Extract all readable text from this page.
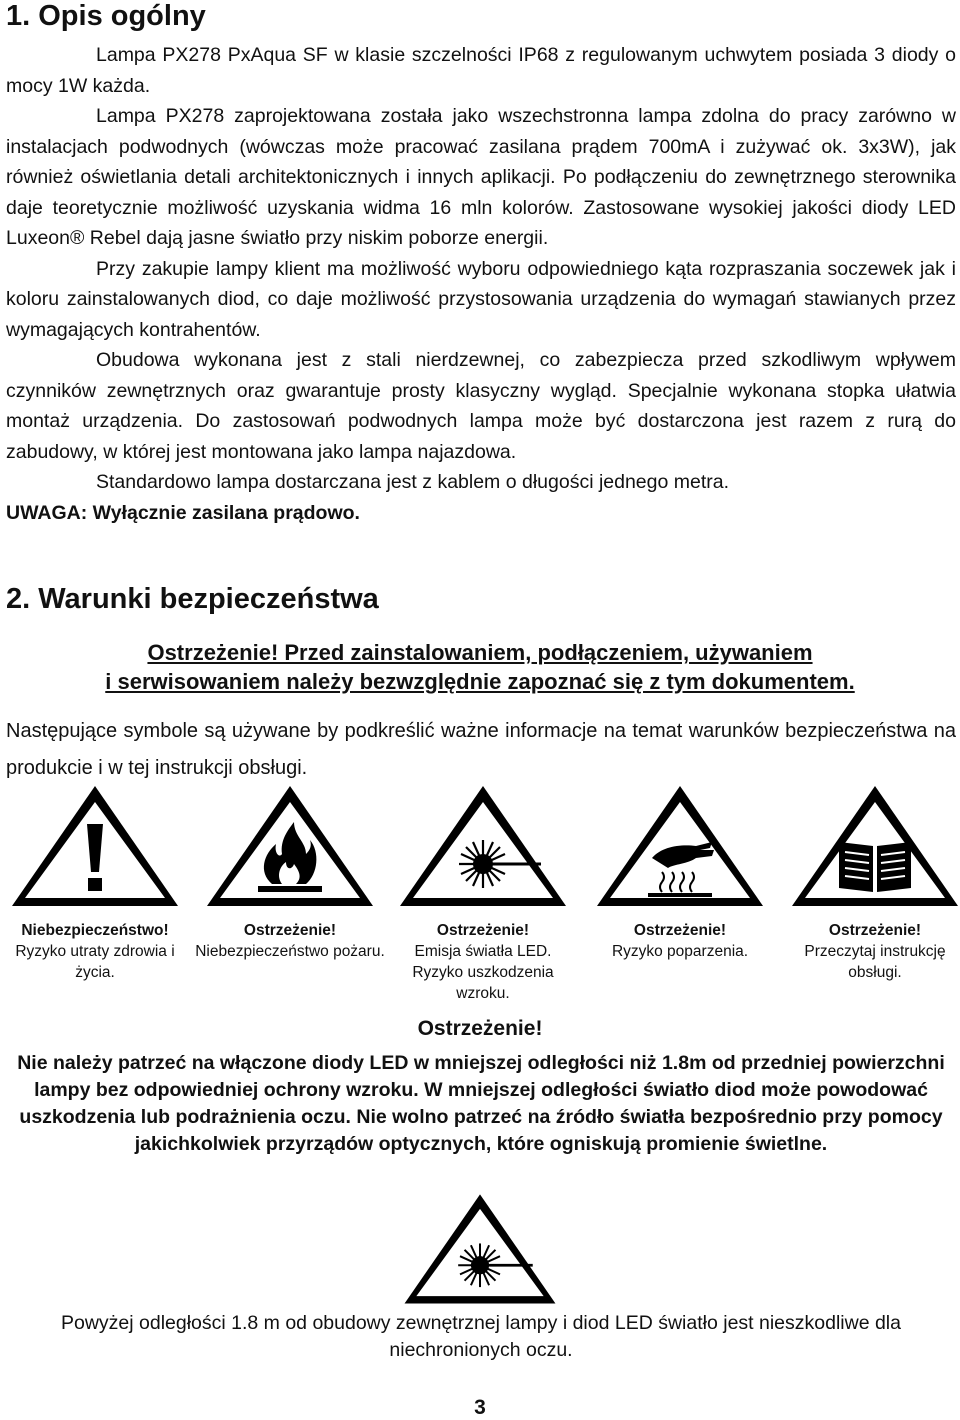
1. Opis ogólny

Lampa PX278 PxAqua SF w klasie szczelności IP68 z regulowanym uchwytem posiada 3 diody o mocy 1W każda.

Lampa PX278 zaprojektowana została jako wszechstronna lampa zdolna do pracy zarówno w instalacjach podwodnych (wówczas może pracować zasilana prądem 700mA i zużywać ok. 3x3W), jak również oświetlania detali architektonicznych i innych aplikacji. Po podłączeniu do zewnętrznego sterownika daje teoretycznie możliwość uzyskania widma 16 mln kolorów. Zastosowane wysokiej jakości diody LED Luxeon® Rebel dają jasne światło przy niskim poborze energii.

Przy zakupie lampy klient ma możliwość wyboru odpowiedniego kąta rozpraszania soczewek jak i koloru zainstalowanych diod, co daje możliwość przystosowania urządzenia do wymagań stawianych przez wymagających kontrahentów.

Obudowa wykonana jest z stali nierdzewnej, co zabezpiecza przed szkodliwym wpływem czynników zewnętrznych oraz gwarantuje prosty klasyczny wygląd. Specjalnie wykonana stopka ułatwia montaż urządzenia. Do zastosowań podwodnych lampa może być dostarczona jest razem z rurą do zabudowy, w której jest montowana jako lampa najazdowa.

Standardowo lampa dostarczana jest z kablem o długości jednego metra.

UWAGA: Wyłącznie zasilana prądowo.

2. Warunki bezpieczeństwa
Ostrzeżenie! Przed zainstalowaniem, podłączeniem, używaniem
i serwisowaniem należy bezwzględnie zapoznać się z tym dokumentem.
Następujące symbole są używane by podkreślić ważne informacje na temat warunków bezpieczeństwa na produkcie i w tej instrukcji obsługi.
Niebezpieczeństwo!
Ryzyko utraty zdrowia i życia.
Ostrzeżenie!
Niebezpieczeństwo pożaru.
Ostrzeżenie!
Emisja światła LED. Ryzyko uszkodzenia wzroku.
Ostrzeżenie!
Ryzyko poparzenia.
Ostrzeżenie!
Przeczytaj instrukcję obsługi.
Ostrzeżenie!
Nie należy patrzeć na włączone diody LED w mniejszej odległości niż 1.8m od przedniej powierzchni lampy bez odpowiedniej ochrony wzroku. W mniejszej odległości światło diod może powodować uszkodzenia lub podrażnienia oczu. Nie wolno patrzeć na źródło światła bezpośrednio przy pomocy jakichkolwiek przyrządów optycznych, które ogniskują promienie świetlne.
Powyżej odległości 1.8 m od obudowy zewnętrznej lampy i diod LED światło jest nieszkodliwe dla niechronionych oczu.
3
